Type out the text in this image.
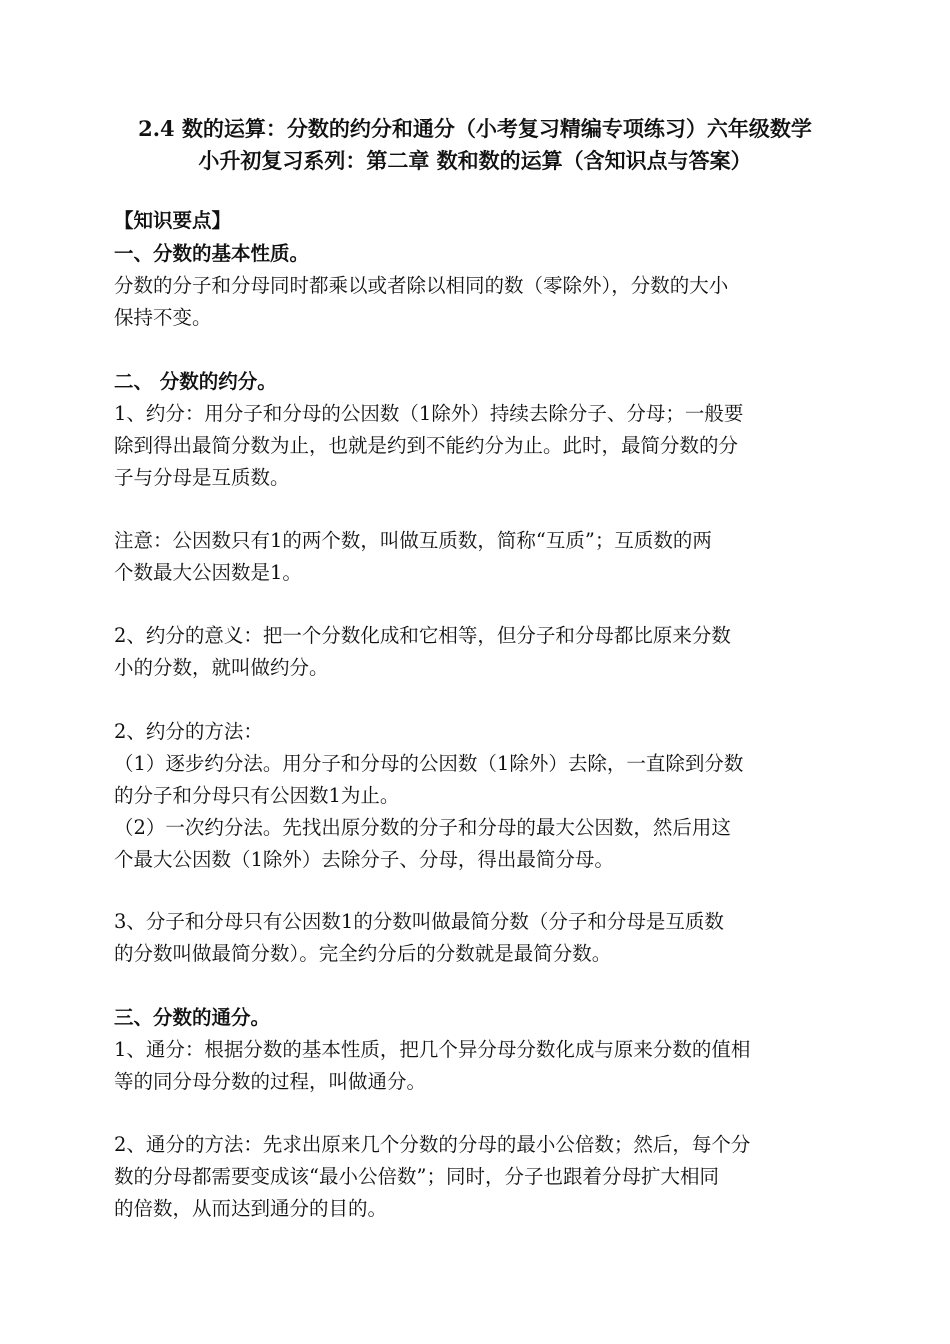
2.4 数的运算：分数的约分和通分（小考复习精编专项练习）六年级数学
小升初复习系列：第二章 数和数的运算（含知识点与答案）
【知识要点】
一、分数的基本性质。
分数的分子和分母同时都乘以或者除以相同的数（零除外），分数的大小
保持不变。
二、 分数的约分。
1、约分：用分子和分母的公因数（1除外）持续去除分子、分母；一般要
除到得出最简分数为止，也就是约到不能约分为止。此时，最简分数的分
子与分母是互质数。
注意：公因数只有1的两个数，叫做互质数，简称“互质”；互质数的两
个数最大公因数是1。
2、约分的意义：把一个分数化成和它相等，但分子和分母都比原来分数
小的分数，就叫做约分。
2、约分的方法：
（1）逐步约分法。用分子和分母的公因数（1除外）去除，一直除到分数
的分子和分母只有公因数1为止。
（2）一次约分法。先找出原分数的分子和分母的最大公因数，然后用这
个最大公因数（1除外）去除分子、分母，得出最简分母。
3、分子和分母只有公因数1的分数叫做最简分数（分子和分母是互质数
的分数叫做最简分数）。完全约分后的分数就是最简分数。
三、分数的通分。
1、通分：根据分数的基本性质，把几个异分母分数化成与原来分数的值相
等的同分母分数的过程，叫做通分。
2、通分的方法：先求出原来几个分数的分母的最小公倍数；然后，每个分
数的分母都需要变成该“最小公倍数”；同时，分子也跟着分母扩大相同
的倍数，从而达到通分的目的。
